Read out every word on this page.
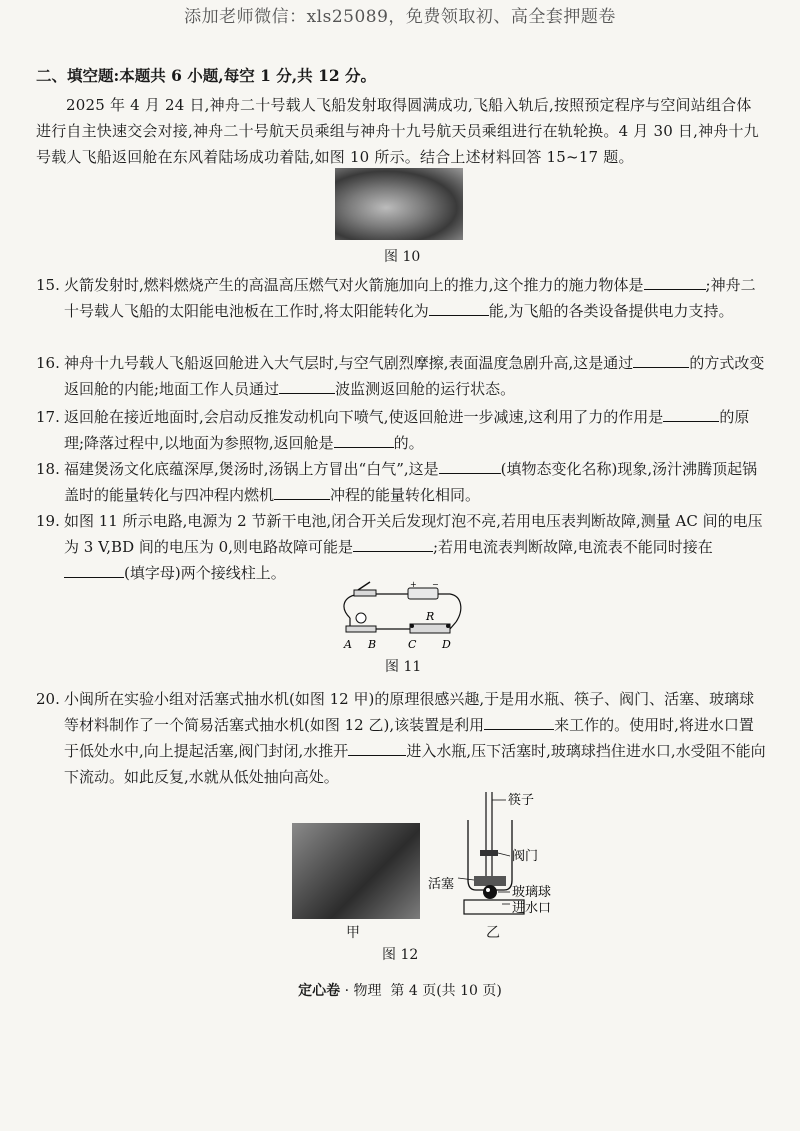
添加老师微信：xls25089，免费领取初、高全套押题卷
二、填空题:本题共 6 小题,每空 1 分,共 12 分。
2025 年 4 月 24 日,神舟二十号载人飞船发射取得圆满成功,飞船入轨后,按照预定程序与空间站组合体进行自主快速交会对接,神舟二十号航天员乘组与神舟十九号航天员乘组进行在轨轮换。4 月 30 日,神舟十九号载人飞船返回舱在东风着陆场成功着陆,如图 10 所示。结合上述材料回答 15~17 题。
图 10
15. 火箭发射时,燃料燃烧产生的高温高压燃气对火箭施加向上的推力,这个推力的施力物体是	;神舟二十号载人飞船的太阳能电池板在工作时,将太阳能转化为	能,为飞船的各类设备提供电力支持。
16. 神舟十九号载人飞船返回舱进入大气层时,与空气剧烈摩擦,表面温度急剧升高,这是通过	的方式改变返回舱的内能;地面工作人员通过	波监测返回舱的运行状态。
17. 返回舱在接近地面时,会启动反推发动机向下喷气,使返回舱进一步减速,这利用了力的作用是	的原理;降落过程中,以地面为参照物,返回舱是	的。
18. 福建煲汤文化底蕴深厚,煲汤时,汤锅上方冒出“白气”,这是	(填物态变化名称)现象,汤汁沸腾顶起锅盖时的能量转化与四冲程内燃机	冲程的能量转化相同。
19. 如图 11 所示电路,电源为 2 节新干电池,闭合开关后发现灯泡不亮,若用电压表判断故障,测量 AC 间的电压为 3 V,BD 间的电压为 0,则电路故障可能是	;若用电流表判断故障,电流表不能同时接在(填字母)两个接线柱上。
+ −
R
A B	C D
图 11
20. 小闽所在实验小组对活塞式抽水机(如图 12 甲)的原理很感兴趣,于是用水瓶、筷子、阀门、活塞、玻璃球等材料制作了一个简易活塞式抽水机(如图 12 乙),该装置是利用	来工作的。使用时,将进水口置于低处水中,向上提起活塞,阀门封闭,水推开	进入水瓶,压下活塞时,玻璃球挡住进水口,水受阻不能向下流动。如此反复,水就从低处抽向高处。
甲
筷子
阀门
活塞
玻璃球
进水口
乙
图 12
定心卷 · 物理 第 4 页(共 10 页)
